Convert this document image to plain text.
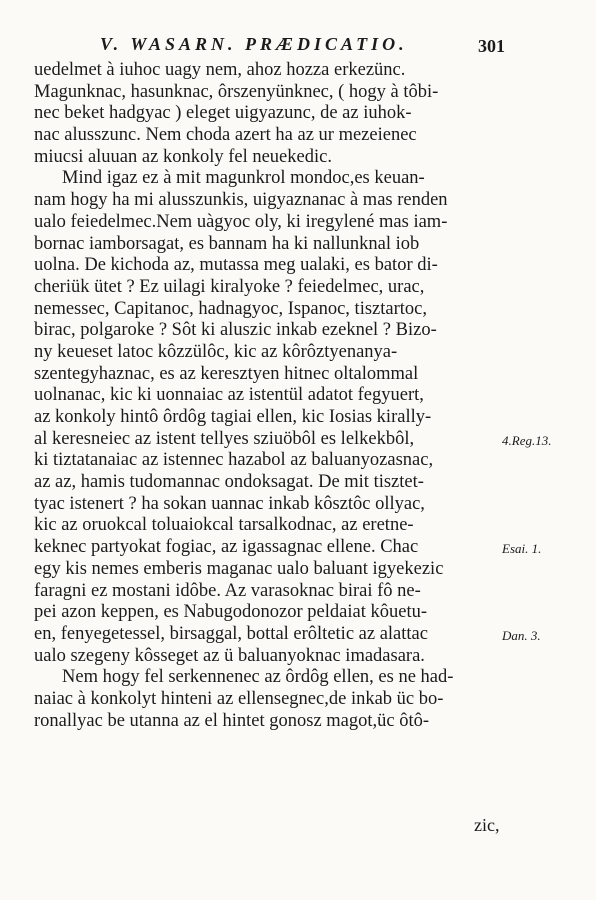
V. WASARN. PRÆDICATIO.	301
uedelmet à iuhoc uagy nem, ahoz hozza erkezünc.
Magunknac, hasunknac, ôrszenyünknec, ( hogy à tôbi-
nec beket hadgyac ) eleget uigyazunc, de az iuhok-
nac alusszunc. Nem choda azert ha az ur mezeienec
miucsi aluuan az konkoly fel neuekedic.
Mind igaz ez à mit magunkrol mondoc,es keuan-
nam hogy ha mi alusszunkis, uigyaznanac à mas renden
ualo feiedelmec.Nem uàgyoc oly, ki iregylené mas iam-
bornac iamborsagat, es bannam ha ki nallunknal iob
uolna. De kichoda az, mutassa meg ualaki, es bator di-
cheriük ütet ? Ez uilagi kiralyoke ? feiedelmec, urac,
nemessec, Capitanoc, hadnagyoc, Ispanoc, tisztartoc,
birac, polgaroke ? Sôt ki aluszic inkab ezeknel ? Bizo-
ny keueset latoc kôzzülôc, kic az kôrôztyenanya-
szentegyhaznac, es az keresztyen hitnec oltalommal
uolnanac, kic ki uonnaiac az istentül adatot fegyuert,
az konkoly hintô ôrdôg tagiai ellen, kic Iosias kirally-
al keresneiec az istent tellyes sziuöbôl es lelkekbôl,
ki tiztatanaiac az istennec hazabol az baluanyozasnac,
az az, hamis tudomannac ondoksagat. De mit tisztet-
tyac istenert ? ha sokan uannac inkab kôsztôc ollyac,
kic az oruokcal toluaiokcal tarsalkodnac, az eretne-
keknec partyokat fogiac, az igassagnac ellene. Chac
egy kis nemes emberis maganac ualo baluant igyekezic
faragni ez mostani idôbe. Az varasoknac birai fô ne-
pei azon keppen, es Nabugodonozor peldaiat kôuetu-
en, fenyegetessel, birsaggal, bottal erôltetic az alattac
ualo szegeny kôsseget az ü baluanyoknac imadasara.
Nem hogy fel serkennenec az ôrdôg ellen, es ne had-
naiac à konkolyt hinteni az ellensegnec,de inkab üc bo-
ronallyac be utanna az el hintet gonosz magot,üc ôtô-
4.Reg.13.
Esai. 1.
Dan. 3.
zic,
